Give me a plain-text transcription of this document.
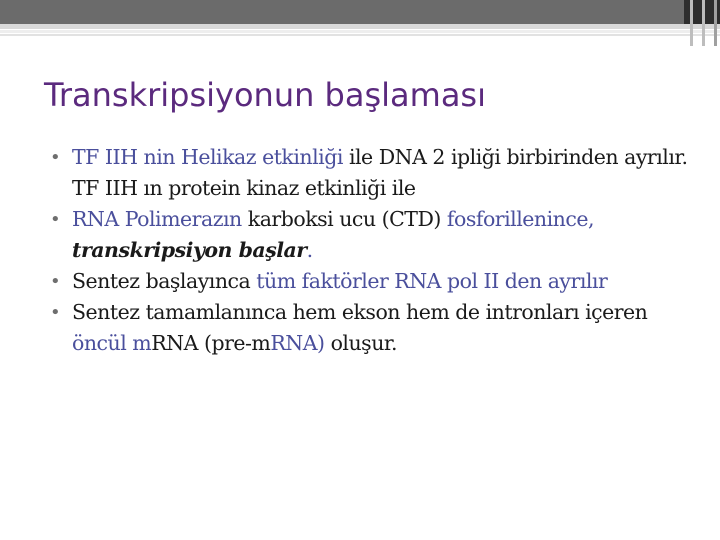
Transkripsiyonun başlaması
• TF IIH nin Helikaz etkinliği ile DNA 2 ipliği birbirinden ayrılır. TF IIH ın protein kinaz etkinliği ile
• RNA Polimerazın karboksi ucu (CTD) fosforillenince, transkripsiyon başlar.
• Sentez başlayınca tüm faktörler RNA pol II den ayrılır
• Sentez tamamlanınca hem ekson hem de intronları içeren öncül mRNA (pre-mRNA) oluşur.
